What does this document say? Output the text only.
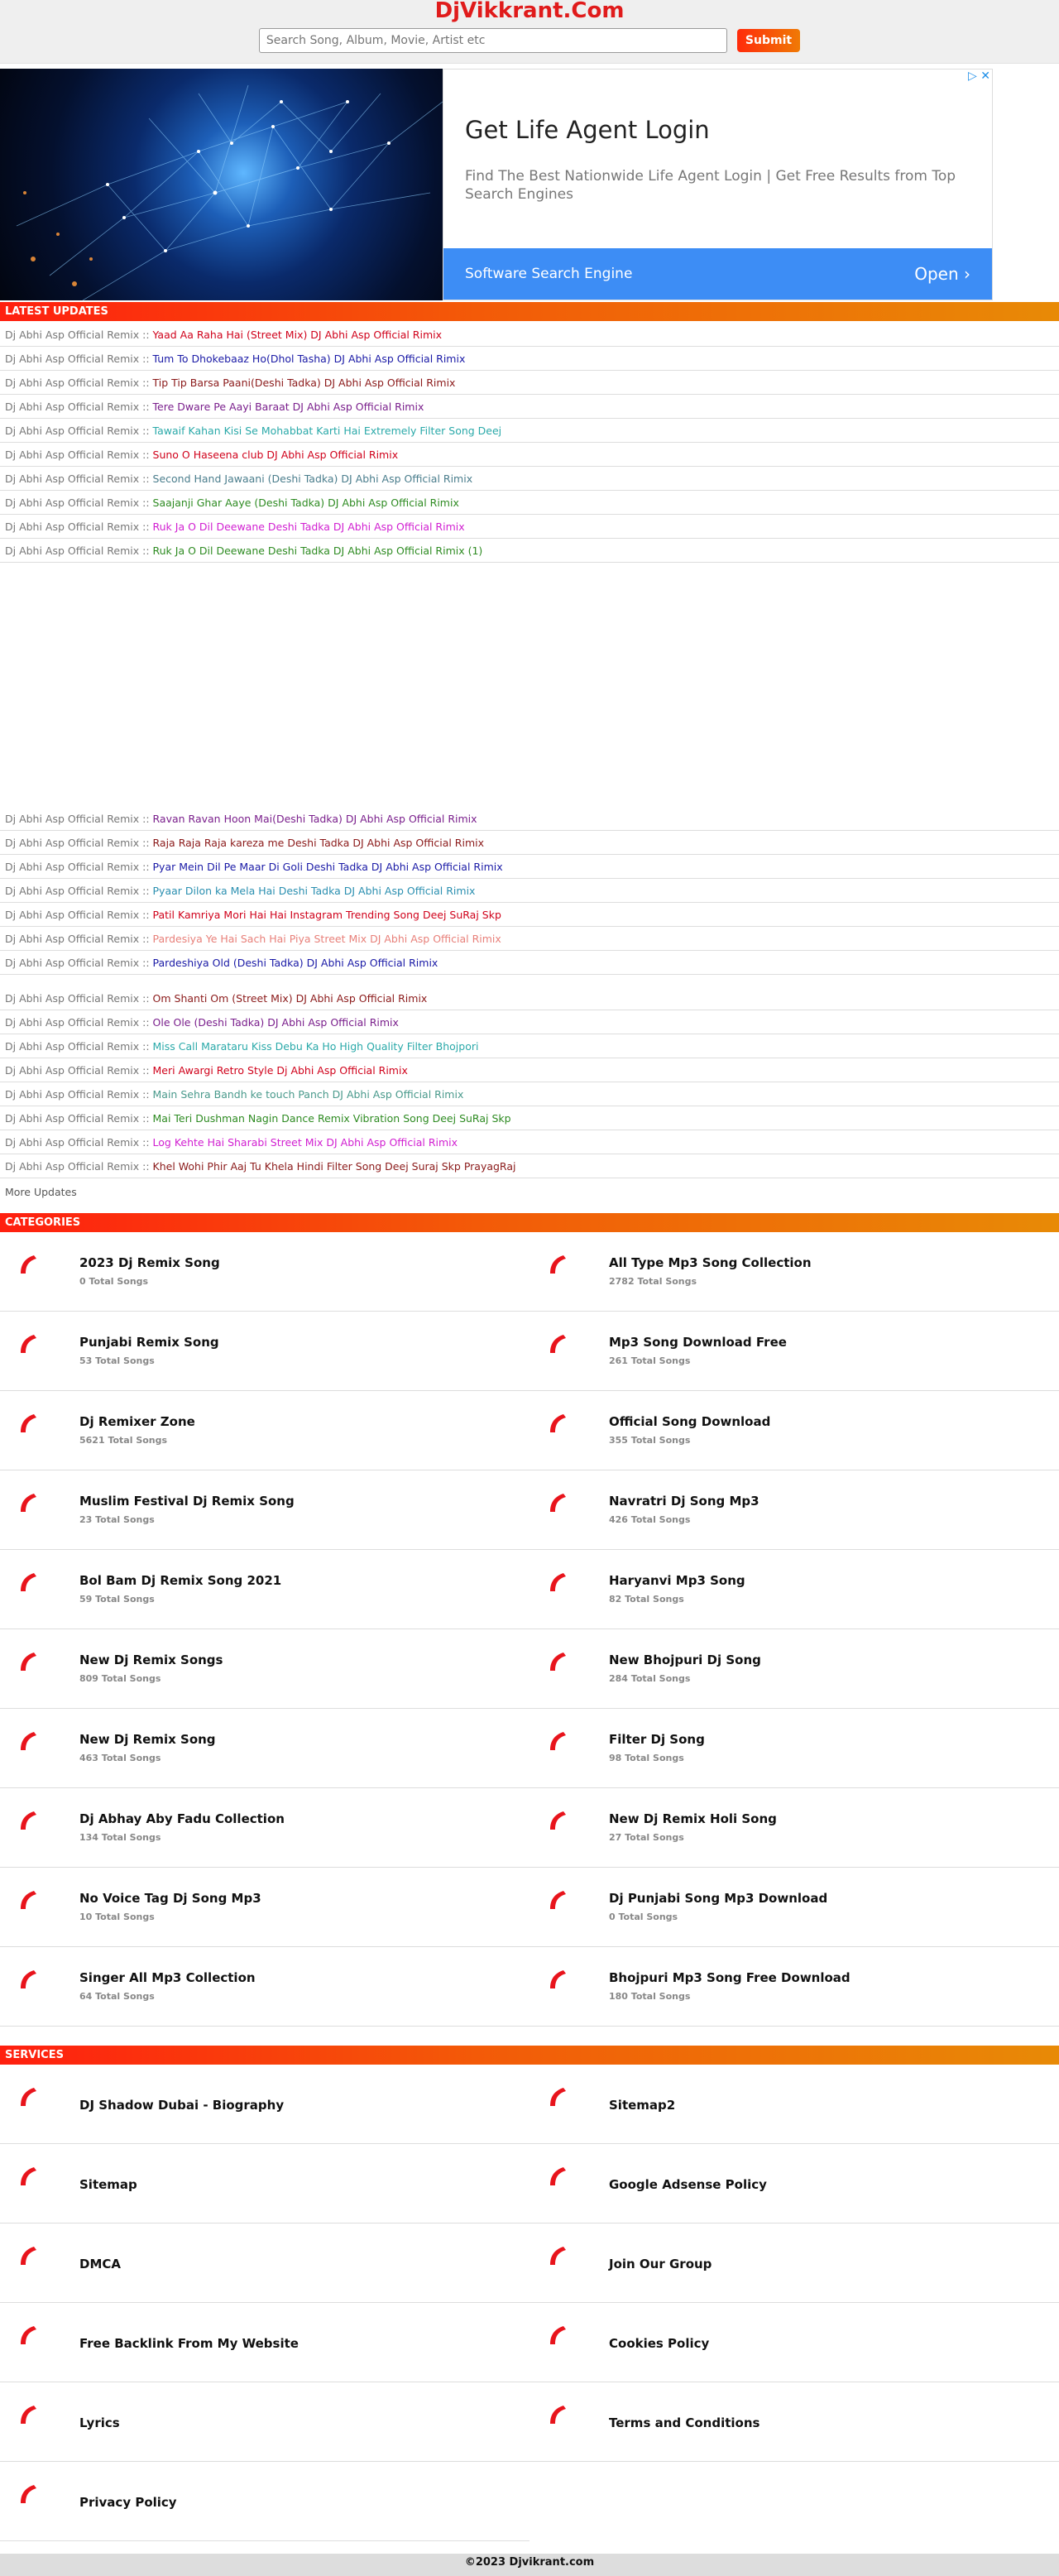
DjVikkrant.Com
Search Song, Album, Movie, Artist etc
Submit
▷ ✕
Get Life Agent Login
Find The Best Nationwide Life Agent Login | Get Free Results from Top Search Engines
Software Search Engine	Open ›
LATEST UPDATES
Dj Abhi Asp Official Remix :: Yaad Aa Raha Hai (Street Mix) DJ Abhi Asp Official Rimix
Dj Abhi Asp Official Remix :: Tum To Dhokebaaz Ho(Dhol Tasha) DJ Abhi Asp Official Rimix
Dj Abhi Asp Official Remix :: Tip Tip Barsa Paani(Deshi Tadka) DJ Abhi Asp Official Rimix
Dj Abhi Asp Official Remix :: Tere Dware Pe Aayi Baraat DJ Abhi Asp Official Rimix
Dj Abhi Asp Official Remix :: Tawaif Kahan Kisi Se Mohabbat Karti Hai Extremely Filter Song Deej
Dj Abhi Asp Official Remix :: Suno O Haseena club DJ Abhi Asp Official Rimix
Dj Abhi Asp Official Remix :: Second Hand Jawaani (Deshi Tadka) DJ Abhi Asp Official Rimix
Dj Abhi Asp Official Remix :: Saajanji Ghar Aaye (Deshi Tadka) DJ Abhi Asp Official Rimix
Dj Abhi Asp Official Remix :: Ruk Ja O Dil Deewane Deshi Tadka DJ Abhi Asp Official Rimix
Dj Abhi Asp Official Remix :: Ruk Ja O Dil Deewane Deshi Tadka DJ Abhi Asp Official Rimix (1)
Dj Abhi Asp Official Remix :: Ravan Ravan Hoon Mai(Deshi Tadka) DJ Abhi Asp Official Rimix
Dj Abhi Asp Official Remix :: Raja Raja Raja kareza me Deshi Tadka DJ Abhi Asp Official Rimix
Dj Abhi Asp Official Remix :: Pyar Mein Dil Pe Maar Di Goli Deshi Tadka DJ Abhi Asp Official Rimix
Dj Abhi Asp Official Remix :: Pyaar Dilon ka Mela Hai Deshi Tadka DJ Abhi Asp Official Rimix
Dj Abhi Asp Official Remix :: Patil Kamriya Mori Hai Hai Instagram Trending Song Deej SuRaj Skp
Dj Abhi Asp Official Remix :: Pardesiya Ye Hai Sach Hai Piya Street Mix DJ Abhi Asp Official Rimix
Dj Abhi Asp Official Remix :: Pardeshiya Old (Deshi Tadka) DJ Abhi Asp Official Rimix
Dj Abhi Asp Official Remix :: Om Shanti Om (Street Mix) DJ Abhi Asp Official Rimix
Dj Abhi Asp Official Remix :: Ole Ole (Deshi Tadka) DJ Abhi Asp Official Rimix
Dj Abhi Asp Official Remix :: Miss Call Marataru Kiss Debu Ka Ho High Quality Filter Bhojpori
Dj Abhi Asp Official Remix :: Meri Awargi Retro Style Dj Abhi Asp Official Rimix
Dj Abhi Asp Official Remix :: Main Sehra Bandh ke touch Panch DJ Abhi Asp Official Rimix
Dj Abhi Asp Official Remix :: Mai Teri Dushman Nagin Dance Remix Vibration Song Deej SuRaj Skp
Dj Abhi Asp Official Remix :: Log Kehte Hai Sharabi Street Mix DJ Abhi Asp Official Rimix
Dj Abhi Asp Official Remix :: Khel Wohi Phir Aaj Tu Khela Hindi Filter Song Deej Suraj Skp PrayagRaj
More Updates
CATEGORIES
2023 Dj Remix Song
0 Total Songs
All Type Mp3 Song Collection
2782 Total Songs
Punjabi Remix Song
53 Total Songs
Mp3 Song Download Free
261 Total Songs
Dj Remixer Zone
5621 Total Songs
Official Song Download
355 Total Songs
Muslim Festival Dj Remix Song
23 Total Songs
Navratri Dj Song Mp3
426 Total Songs
Bol Bam Dj Remix Song 2021
59 Total Songs
Haryanvi Mp3 Song
82 Total Songs
New Dj Remix Songs
809 Total Songs
New Bhojpuri Dj Song
284 Total Songs
New Dj Remix Song
463 Total Songs
Filter Dj Song
98 Total Songs
Dj Abhay Aby Fadu Collection
134 Total Songs
New Dj Remix Holi Song
27 Total Songs
No Voice Tag Dj Song Mp3
10 Total Songs
Dj Punjabi Song Mp3 Download
0 Total Songs
Singer All Mp3 Collection
64 Total Songs
Bhojpuri Mp3 Song Free Download
180 Total Songs
SERVICES
DJ Shadow Dubai - Biography	Sitemap2
Sitemap	Google Adsense Policy
DMCA	Join Our Group
Free Backlink From My Website	Cookies Policy
Lyrics	Terms and Conditions
Privacy Policy
©2023 Djvikrant.com
